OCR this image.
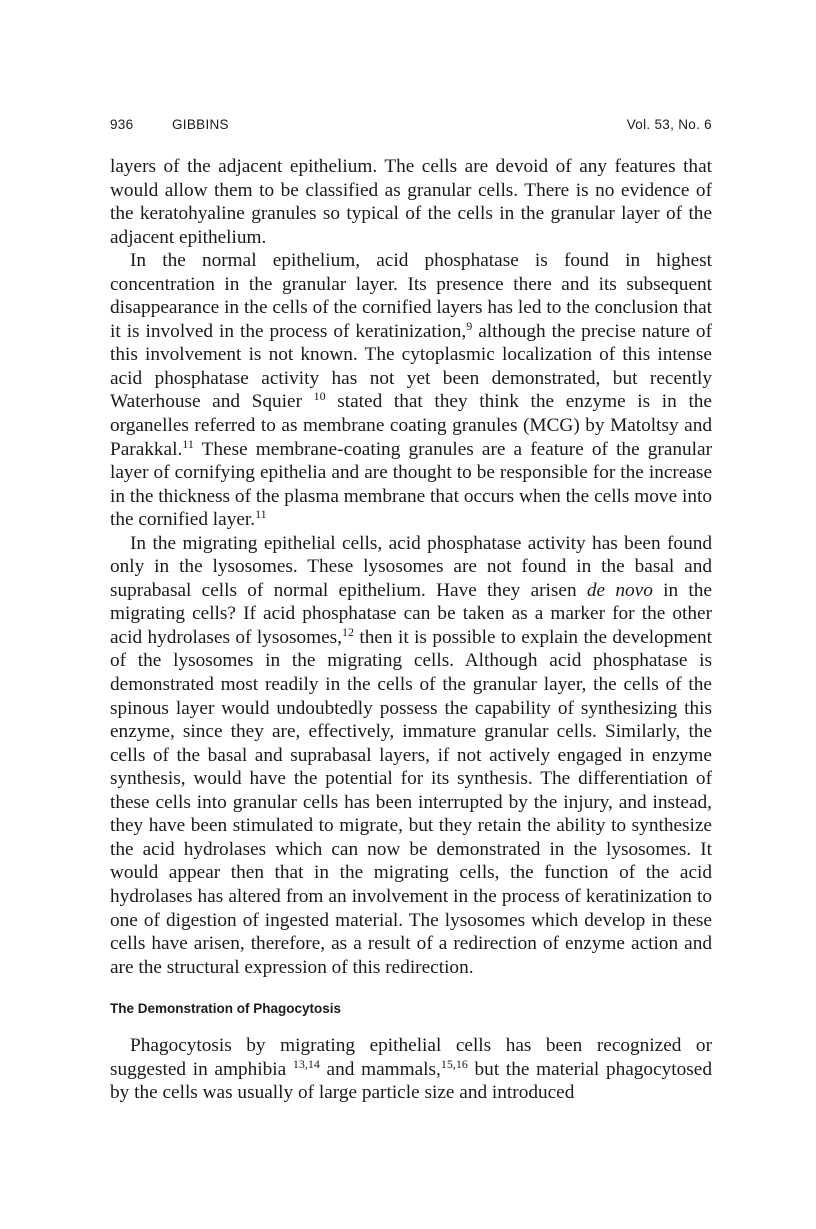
936	GIBBINS	Vol. 53, No. 6

layers of the adjacent epithelium. The cells are devoid of any features that would allow them to be classified as granular cells. There is no evidence of the keratohyaline granules so typical of the cells in the granular layer of the adjacent epithelium.

In the normal epithelium, acid phosphatase is found in highest concentration in the granular layer. Its presence there and its subsequent disappearance in the cells of the cornified layers has led to the conclusion that it is involved in the process of keratinization,$^9$ although the precise nature of this involvement is not known. The cytoplasmic localization of this intense acid phosphatase activity has not yet been demonstrated, but recently Waterhouse and Squier $^{10}$ stated that they think the enzyme is in the organelles referred to as membrane coating granules (MCG) by Matoltsy and Parakkal.$^{11}$ These membrane-coating granules are a feature of the granular layer of cornifying epithelia and are thought to be responsible for the increase in the thickness of the plasma membrane that occurs when the cells move into the cornified layer.$^{11}$

In the migrating epithelial cells, acid phosphatase activity has been found only in the lysosomes. These lysosomes are not found in the basal and suprabasal cells of normal epithelium. Have they arisen de novo in the migrating cells? If acid phosphatase can be taken as a marker for the other acid hydrolases of lysosomes,$^{12}$ then it is possible to explain the development of the lysosomes in the migrating cells. Although acid phosphatase is demonstrated most readily in the cells of the granular layer, the cells of the spinous layer would undoubtedly possess the capability of synthesizing this enzyme, since they are, effectively, immature granular cells. Similarly, the cells of the basal and suprabasal layers, if not actively engaged in enzyme synthesis, would have the potential for its synthesis. The differentiation of these cells into granular cells has been interrupted by the injury, and instead, they have been stimulated to migrate, but they retain the ability to synthesize the acid hydrolases which can now be demonstrated in the lysosomes. It would appear then that in the migrating cells, the function of the acid hydrolases has altered from an involvement in the process of keratinization to one of digestion of ingested material. The lysosomes which develop in these cells have arisen, therefore, as a result of a redirection of enzyme action and are the structural expression of this redirection.

The Demonstration of Phagocytosis

Phagocytosis by migrating epithelial cells has been recognized or suggested in amphibia $^{13,14}$ and mammals,$^{15,16}$ but the material phagocytosed by the cells was usually of large particle size and introduced
